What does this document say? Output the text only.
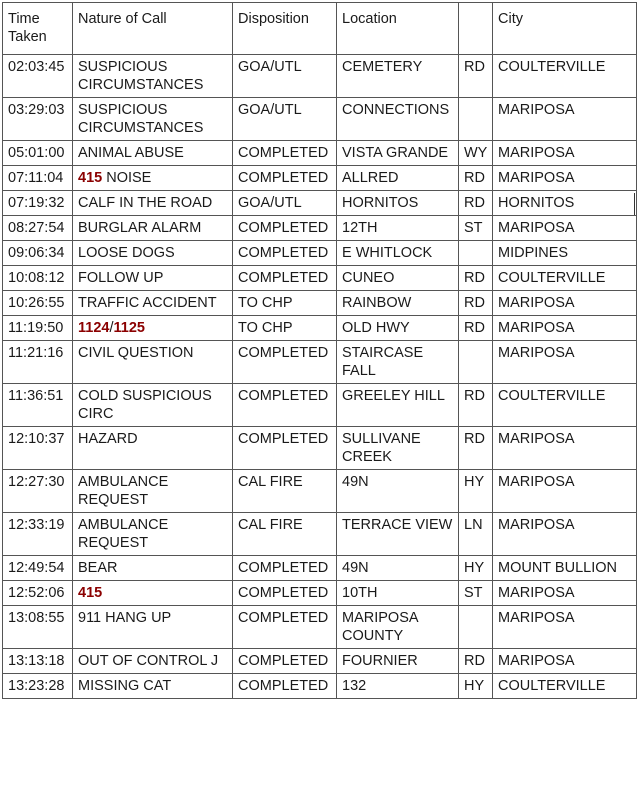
Time Taken	Nature of Call	Disposition	Location		City
02:03:45	SUSPICIOUS CIRCUMSTANCES	GOA/UTL	CEMETERY	RD	COULTERVILLE
03:29:03	SUSPICIOUS CIRCUMSTANCES	GOA/UTL	CONNECTIONS		MARIPOSA
05:01:00	ANIMAL ABUSE	COMPLETED	VISTA GRANDE	WY	MARIPOSA
07:11:04	415 NOISE	COMPLETED	ALLRED	RD	MARIPOSA
07:19:32	CALF IN THE ROAD	GOA/UTL	HORNITOS	RD	HORNITOS
08:27:54	BURGLAR ALARM	COMPLETED	12TH	ST	MARIPOSA
09:06:34	LOOSE DOGS	COMPLETED	E WHITLOCK		MIDPINES
10:08:12	FOLLOW UP	COMPLETED	CUNEO	RD	COULTERVILLE
10:26:55	TRAFFIC ACCIDENT	TO CHP	RAINBOW	RD	MARIPOSA
11:19:50	1124/1125	TO CHP	OLD HWY	RD	MARIPOSA
11:21:16	CIVIL QUESTION	COMPLETED	STAIRCASE FALL		MARIPOSA
11:36:51	COLD SUSPICIOUS CIRC	COMPLETED	GREELEY HILL	RD	COULTERVILLE
12:10:37	HAZARD	COMPLETED	SULLIVANE CREEK	RD	MARIPOSA
12:27:30	AMBULANCE REQUEST	CAL FIRE	49N	HY	MARIPOSA
12:33:19	AMBULANCE REQUEST	CAL FIRE	TERRACE VIEW	LN	MARIPOSA
12:49:54	BEAR	COMPLETED	49N	HY	MOUNT BULLION
12:52:06	415	COMPLETED	10TH	ST	MARIPOSA
13:08:55	911 HANG UP	COMPLETED	MARIPOSA COUNTY		MARIPOSA
13:13:18	OUT OF CONTROL J	COMPLETED	FOURNIER	RD	MARIPOSA
13:23:28	MISSING CAT	COMPLETED	132	HY	COULTERVILLE
